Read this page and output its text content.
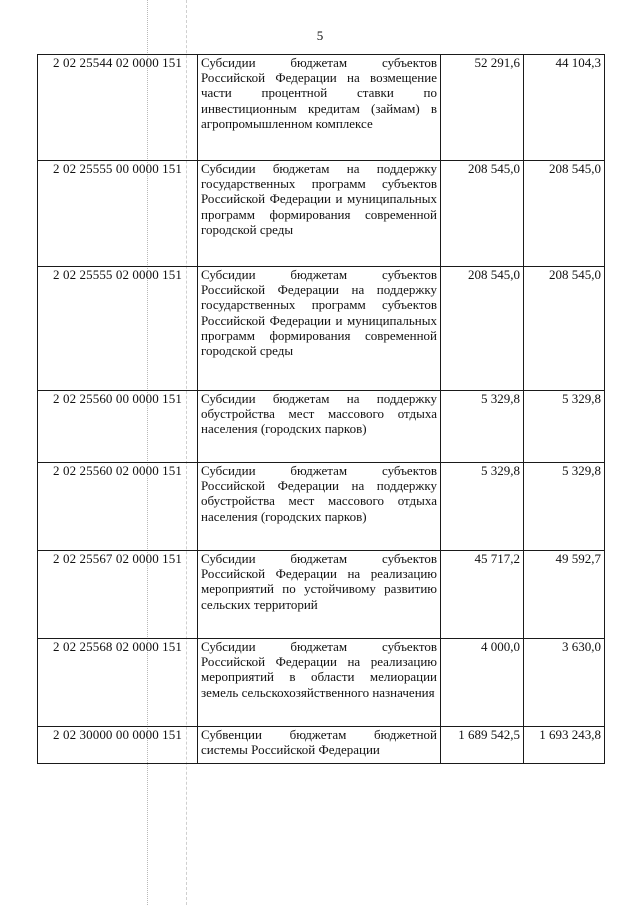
5
2 02 25544 02 0000 151	Субсидии бюджетам субъектов Российской Федерации на возмещение части процентной ставки по инвестиционным кредитам (займам) в агропромышленном комплексе	52 291,6	44 104,3
2 02 25555 00 0000 151	Субсидии бюджетам на поддержку государственных программ субъектов Российской Федерации и муниципальных программ формирования современной городской среды	208 545,0	208 545,0
2 02 25555 02 0000 151	Субсидии бюджетам субъектов Российской Федерации на поддержку государственных программ субъектов Российской Федерации и муниципальных программ формирования современной городской среды	208 545,0	208 545,0
2 02 25560 00 0000 151	Субсидии бюджетам на поддержку обустройства мест массового отдыха населения (городских парков)	5 329,8	5 329,8
2 02 25560 02 0000 151	Субсидии бюджетам субъектов Российской Федерации на поддержку обустройства мест массового отдыха населения (городских парков)	5 329,8	5 329,8
2 02 25567 02 0000 151	Субсидии бюджетам субъектов Российской Федерации на реализацию мероприятий по устойчивому развитию сельских территорий	45 717,2	49 592,7
2 02 25568 02 0000 151	Субсидии бюджетам субъектов Российской Федерации на реализацию мероприятий в области мелиорации земель сельскохозяйственного назначения	4 000,0	3 630,0
2 02 30000 00 0000 151	Субвенции бюджетам бюджетной системы Российской Федерации	1 689 542,5	1 693 243,8
